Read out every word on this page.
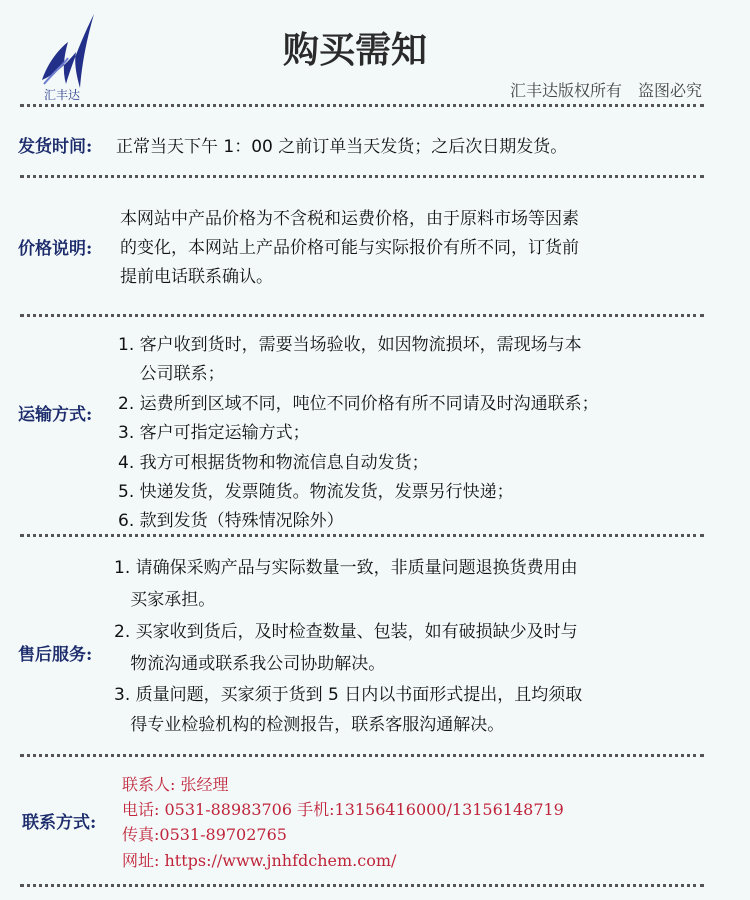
汇丰达
购买需知
汇丰达版权所有　盗图必究
发货时间: 正常当天下午 1：00 之前订单当天发货；之后次日期发货。
价格说明:
本网站中产品价格为不含税和运费价格，由于原料市场等因素
的变化，本网站上产品价格可能与实际报价有所不同，订货前
提前电话联系确认。
运输方式:
1. 客户收到货时，需要当场验收，如因物流损坏，需现场与本
公司联系；
2. 运费所到区域不同，吨位不同价格有所不同请及时沟通联系；
3. 客户可指定运输方式；
4. 我方可根据货物和物流信息自动发货；
5. 快递发货，发票随货。物流发货，发票另行快递；
6. 款到发货（特殊情况除外）
售后服务:
1. 请确保采购产品与实际数量一致，非质量问题退换货费用由
买家承担。
2. 买家收到货后，及时检查数量、包装，如有破损缺少及时与
物流沟通或联系我公司协助解决。
3. 质量问题，买家须于货到 5 日内以书面形式提出，且均须取
得专业检验机构的检测报告，联系客服沟通解决。
联系方式:
联系人: 张经理
电话: 0531-88983706 手机:13156416000/13156148719
传真:0531-89702765
网址: https://www.jnhfdchem.com/
